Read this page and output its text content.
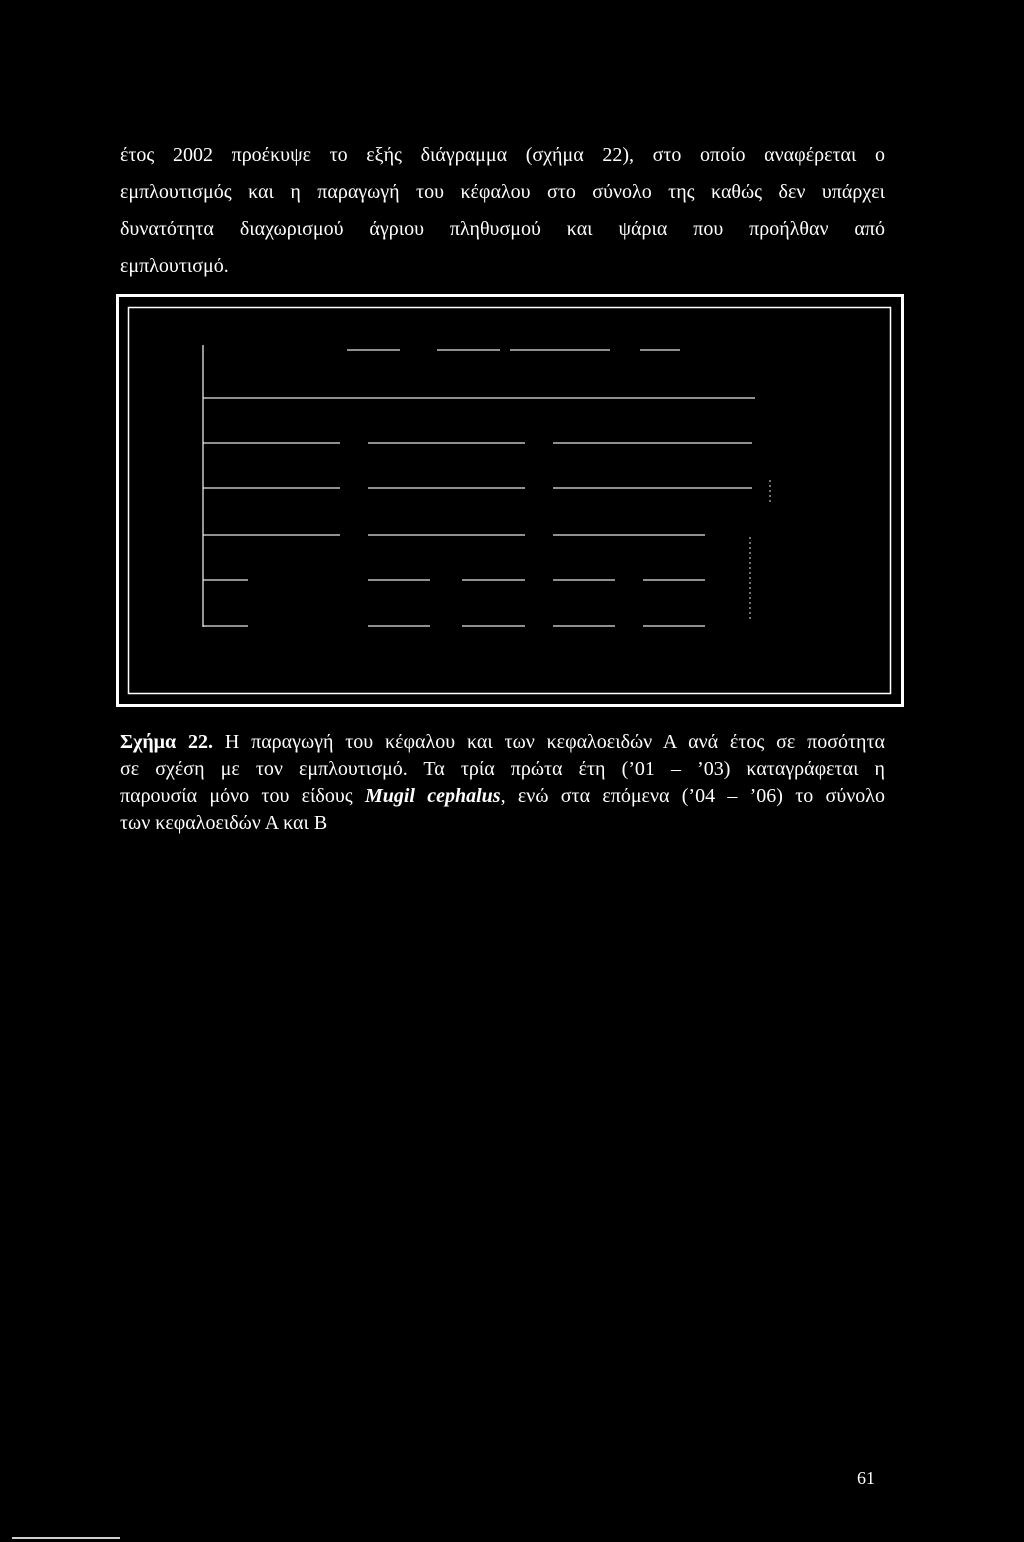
έτος 2002 προέκυψε το εξής διάγραμμα (σχήμα 22), στο οποίο αναφέρεται ο
εμπλουτισμός και η παραγωγή του κέφαλου στο σύνολο της καθώς δεν υπάρχει
δυνατότητα διαχωρισμού άγριου πληθυσμού και ψάρια που προήλθαν από
εμπλουτισμό.
Σχήμα 22. Η παραγωγή του κέφαλου και των κεφαλοειδών Α ανά έτος σε ποσότητα
σε σχέση με τον εμπλουτισμό. Τα τρία πρώτα έτη (’01 – ’03) καταγράφεται η
παρουσία μόνο του είδους Mugil cephalus, ενώ στα επόμενα (’04 – ’06) το σύνολο
των κεφαλοειδών Α και Β
61
